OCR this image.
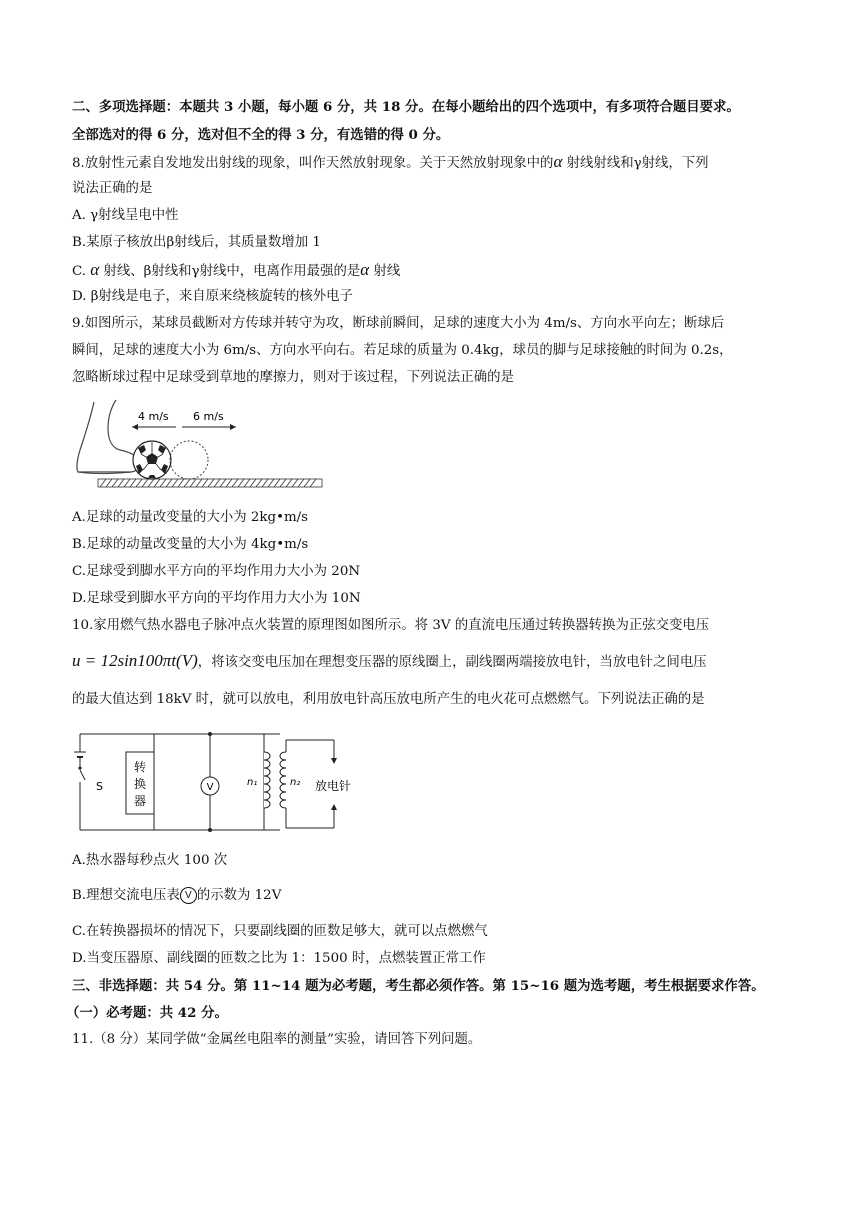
二、多项选择题：本题共 3 小题，每小题 6 分，共 18 分。在每小题给出的四个选项中，有多项符合题目要求。
全部选对的得 6 分，选对但不全的得 3 分，有选错的得 0 分。
8.放射性元素自发地发出射线的现象，叫作天然放射现象。关于天然放射现象中的α 射线射线和γ射线，下列
说法正确的是
A. γ射线呈电中性
B.某原子核放出β射线后，其质量数增加 1
C. α 射线、β射线和γ射线中，电离作用最强的是α 射线
D. β射线是电子，来自原来绕核旋转的核外电子
9.如图所示，某球员截断对方传球并转守为攻，断球前瞬间，足球的速度大小为 4m/s、方向水平向左；断球后
瞬间，足球的速度大小为 6m/s、方向水平向右。若足球的质量为 0.4kg，球员的脚与足球接触的时间为 0.2s，
忽略断球过程中足球受到草地的摩擦力，则对于该过程，下列说法正确的是
4 m/s 6 m/s
A.足球的动量改变量的大小为 2kg•m/s
B.足球的动量改变量的大小为 4kg•m/s
C.足球受到脚水平方向的平均作用力大小为 20N
D.足球受到脚水平方向的平均作用力大小为 10N
10.家用燃气热水器电子脉冲点火装置的原理图如图所示。将 3V 的直流电压通过转换器转换为正弦交变电压
u = 12sin100πt(V)，将该交变电压加在理想变压器的原线圈上，副线圈两端接放电针，当放电针之间电压
的最大值达到 18kV 时，就可以放电，利用放电针高压放电所产生的电火花可点燃燃气。下列说法正确的是
S
转
换
器
V	n₁	n₂ 放电针
A.热水器每秒点火 100 次
B.理想交流电压表 V 的示数为 12V
C.在转换器损坏的情况下，只要副线圈的匝数足够大，就可以点燃燃气
D.当变压器原、副线圈的匝数之比为 1：1500 时，点燃装置正常工作
三、非选择题：共 54 分。第 11~14 题为必考题，考生都必须作答。第 15~16 题为选考题，考生根据要求作答。
（一）必考题：共 42 分。
11.（8 分）某同学做“金属丝电阻率的测量”实验，请回答下列问题。
